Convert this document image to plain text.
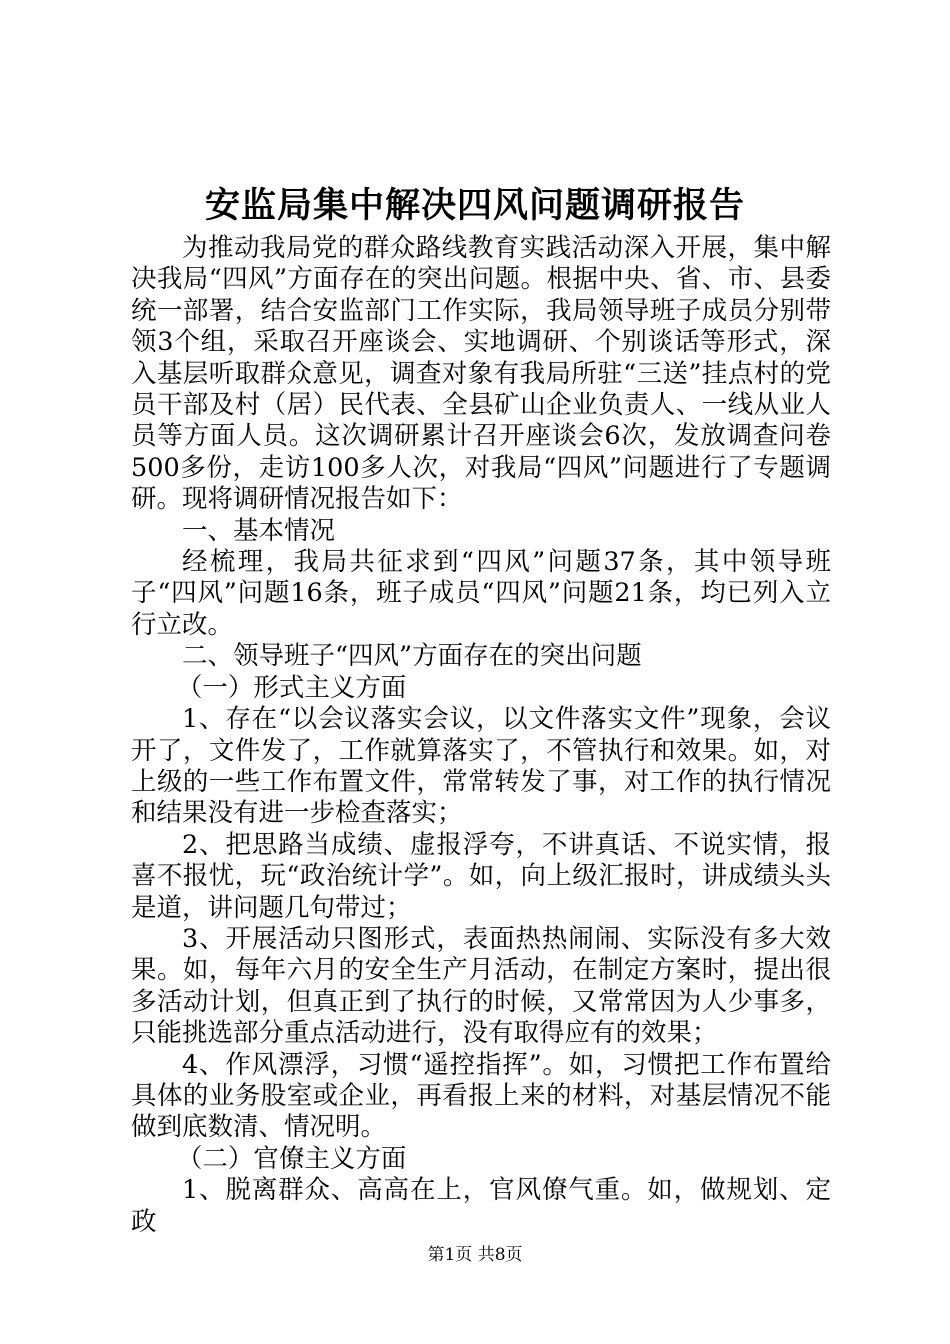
安监局集中解决四风问题调研报告

为推动我局党的群众路线教育实践活动深入开展，集中解决我局“四风”方面存在的突出问题。根据中央、省、市、县委统一部署，结合安监部门工作实际，我局领导班子成员分别带领3个组，采取召开座谈会、实地调研、个别谈话等形式，深入基层听取群众意见，调查对象有我局所驻“三送”挂点村的党员干部及村（居）民代表、全县矿山企业负责人、一线从业人员等方面人员。这次调研累计召开座谈会6次，发放调查问卷500多份，走访100多人次，对我局“四风”问题进行了专题调研。现将调研情况报告如下：

一、基本情况

经梳理，我局共征求到“四风”问题37条，其中领导班子“四风”问题16条，班子成员“四风”问题21条，均已列入立行立改。

二、领导班子“四风”方面存在的突出问题

（一）形式主义方面

1、存在“以会议落实会议，以文件落实文件”现象，会议开了，文件发了，工作就算落实了，不管执行和效果。如，对上级的一些工作布置文件，常常转发了事，对工作的执行情况和结果没有进一步检查落实；

2、把思路当成绩、虚报浮夸，不讲真话、不说实情，报喜不报忧，玩“政治统计学”。如，向上级汇报时，讲成绩头头是道，讲问题几句带过；

3、开展活动只图形式，表面热热闹闹、实际没有多大效果。如，每年六月的安全生产月活动，在制定方案时，提出很多活动计划，但真正到了执行的时候，又常常因为人少事多，只能挑选部分重点活动进行，没有取得应有的效果；

4、作风漂浮，习惯“遥控指挥”。如，习惯把工作布置给具体的业务股室或企业，再看报上来的材料，对基层情况不能做到底数清、情况明。

（二）官僚主义方面

1、脱离群众、高高在上，官风僚气重。如，做规划、定政

第1页 共8页
